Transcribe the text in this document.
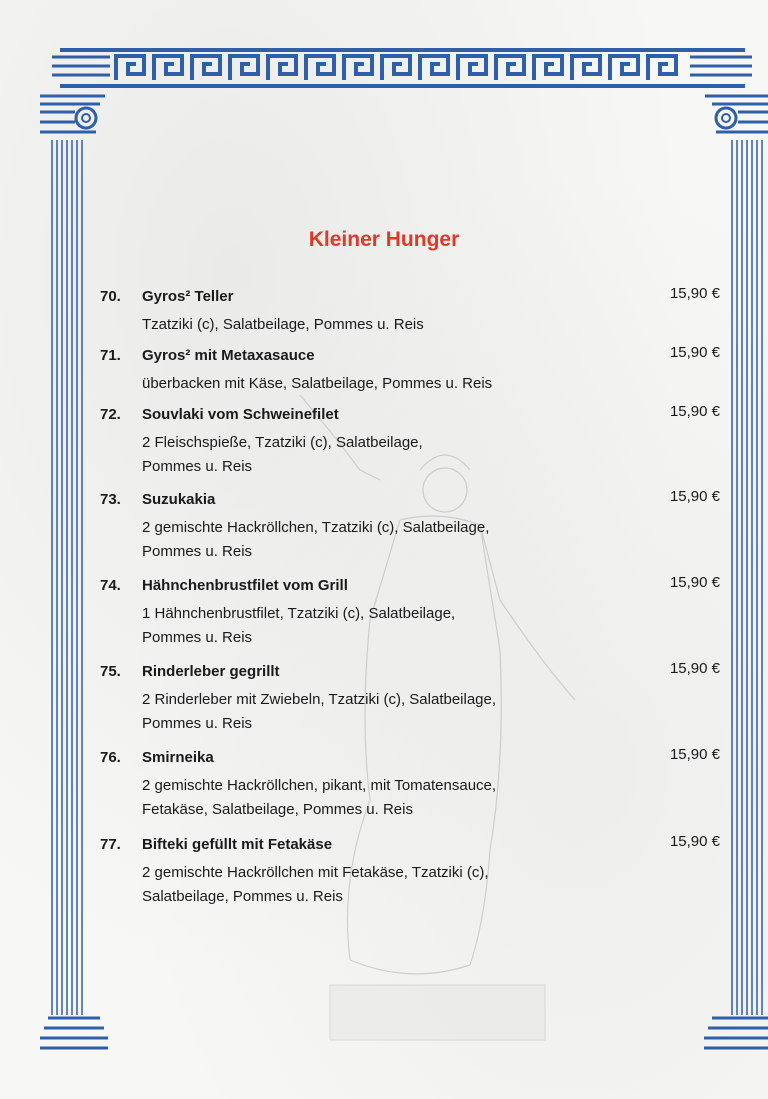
Kleiner Hunger
70. Gyros² Teller
Tzatziki (c), Salatbeilage, Pommes u. Reis
15,90 €
71. Gyros² mit Metaxasauce
überbacken mit Käse, Salatbeilage, Pommes u. Reis
15,90 €
72. Souvlaki vom Schweinefilet
2 Fleischspieße, Tzatziki (c), Salatbeilage, Pommes u. Reis
15,90 €
73. Suzukakia
2 gemischte Hackröllchen, Tzatziki (c), Salatbeilage, Pommes u. Reis
15,90 €
74. Hähnchenbrustfilet vom Grill
1 Hähnchenbrustfilet, Tzatziki (c), Salatbeilage, Pommes u. Reis
15,90 €
75. Rinderleber gegrillt
2 Rinderleber mit Zwiebeln, Tzatziki (c), Salatbeilage, Pommes u. Reis
15,90 €
76. Smirneika
2 gemischte Hackröllchen, pikant, mit Tomatensauce, Fetakäse, Salatbeilage, Pommes u. Reis
15,90 €
77. Bifteki gefüllt mit Fetakäse
2 gemischte Hackröllchen mit Fetakäse, Tzatziki (c), Salatbeilage, Pommes u. Reis
15,90 €
